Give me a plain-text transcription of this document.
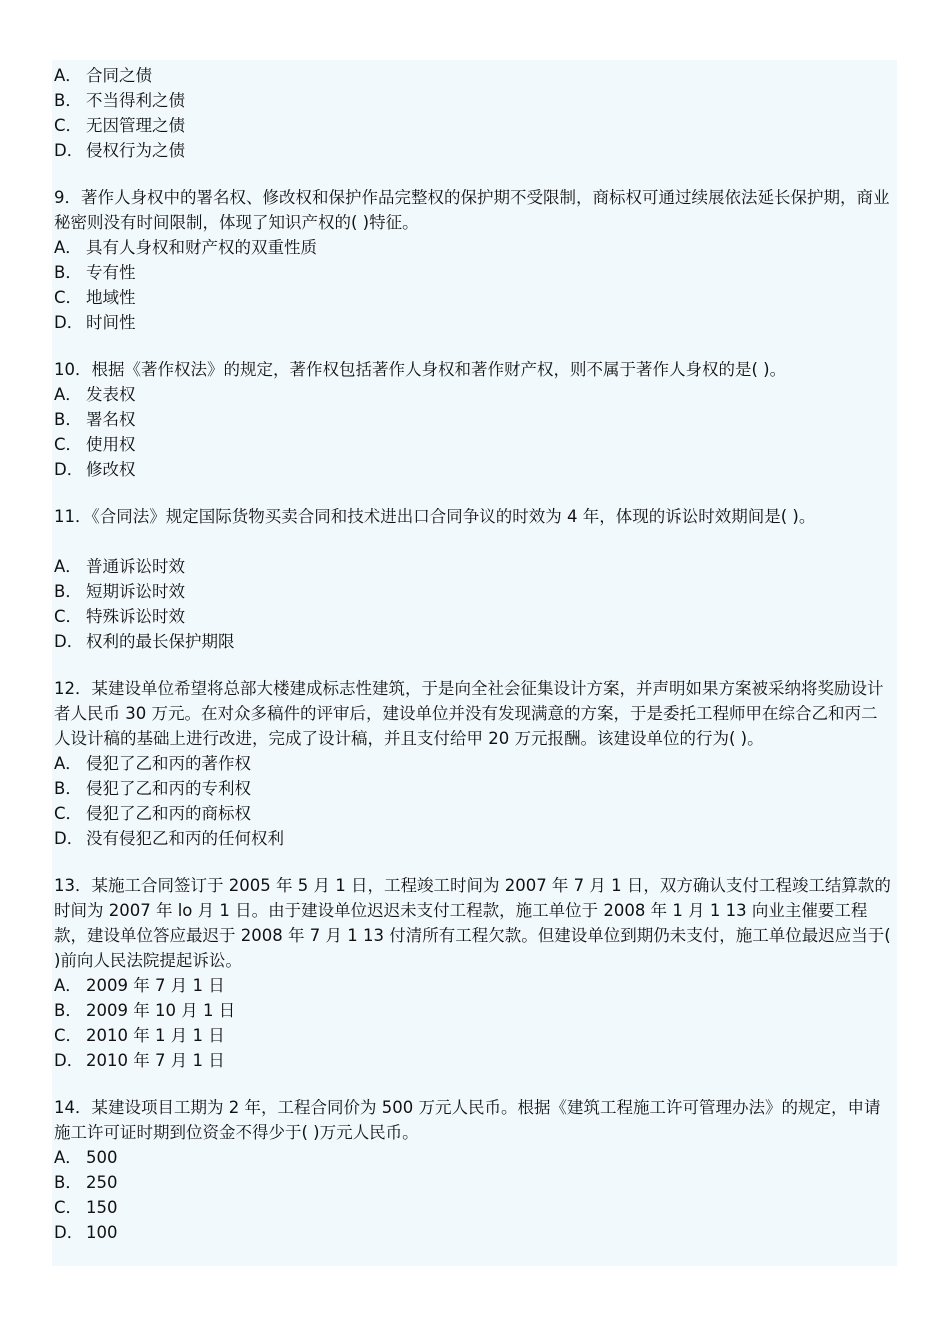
A． 合同之债
B． 不当得利之债
C． 无因管理之债
D． 侵权行为之债
9．著作人身权中的署名权、修改权和保护作品完整权的保护期不受限制，商标权可通过续展依法延长保护期，商业秘密则没有时间限制，体现了知识产权的( )特征。
A． 具有人身权和财产权的双重性质
B． 专有性
C． 地域性
D． 时间性
10．根据《著作权法》的规定，著作权包括著作人身权和著作财产权，则不属于著作人身权的是( )。
A． 发表权
B． 署名权
C． 使用权
D． 修改权
11．《合同法》规定国际货物买卖合同和技术进出口合同争议的时效为 4 年，体现的诉讼时效期间是( )。
A． 普通诉讼时效
B． 短期诉讼时效
C． 特殊诉讼时效
D． 权利的最长保护期限
12．某建设单位希望将总部大楼建成标志性建筑，于是向全社会征集设计方案，并声明如果方案被采纳将奖励设计者人民币 30 万元。在对众多稿件的评审后，建设单位并没有发现满意的方案，于是委托工程师甲在综合乙和丙二人设计稿的基础上进行改进，完成了设计稿，并且支付给甲 20 万元报酬。该建设单位的行为( )。
A． 侵犯了乙和丙的著作权
B． 侵犯了乙和丙的专利权
C． 侵犯了乙和丙的商标权
D． 没有侵犯乙和丙的任何权利
13．某施工合同签订于 2005 年 5 月 1 日，工程竣工时间为 2007 年 7 月 1 日，双方确认支付工程竣工结算款的时间为 2007 年 lo 月 1 日。由于建设单位迟迟未支付工程款，施工单位于 2008 年 1 月 1 13 向业主催要工程款，建设单位答应最迟于 2008 年 7 月 1 13 付清所有工程欠款。但建设单位到期仍未支付，施工单位最迟应当于( )前向人民法院提起诉讼。
A． 2009 年 7 月 1 日
B． 2009 年 10 月 1 日
C． 2010 年 1 月 1 日
D． 2010 年 7 月 1 日
14．某建设项目工期为 2 年，工程合同价为 500 万元人民币。根据《建筑工程施工许可管理办法》的规定，申请施工许可证时期到位资金不得少于( )万元人民币。
A． 500
B． 250
C． 150
D． 100
